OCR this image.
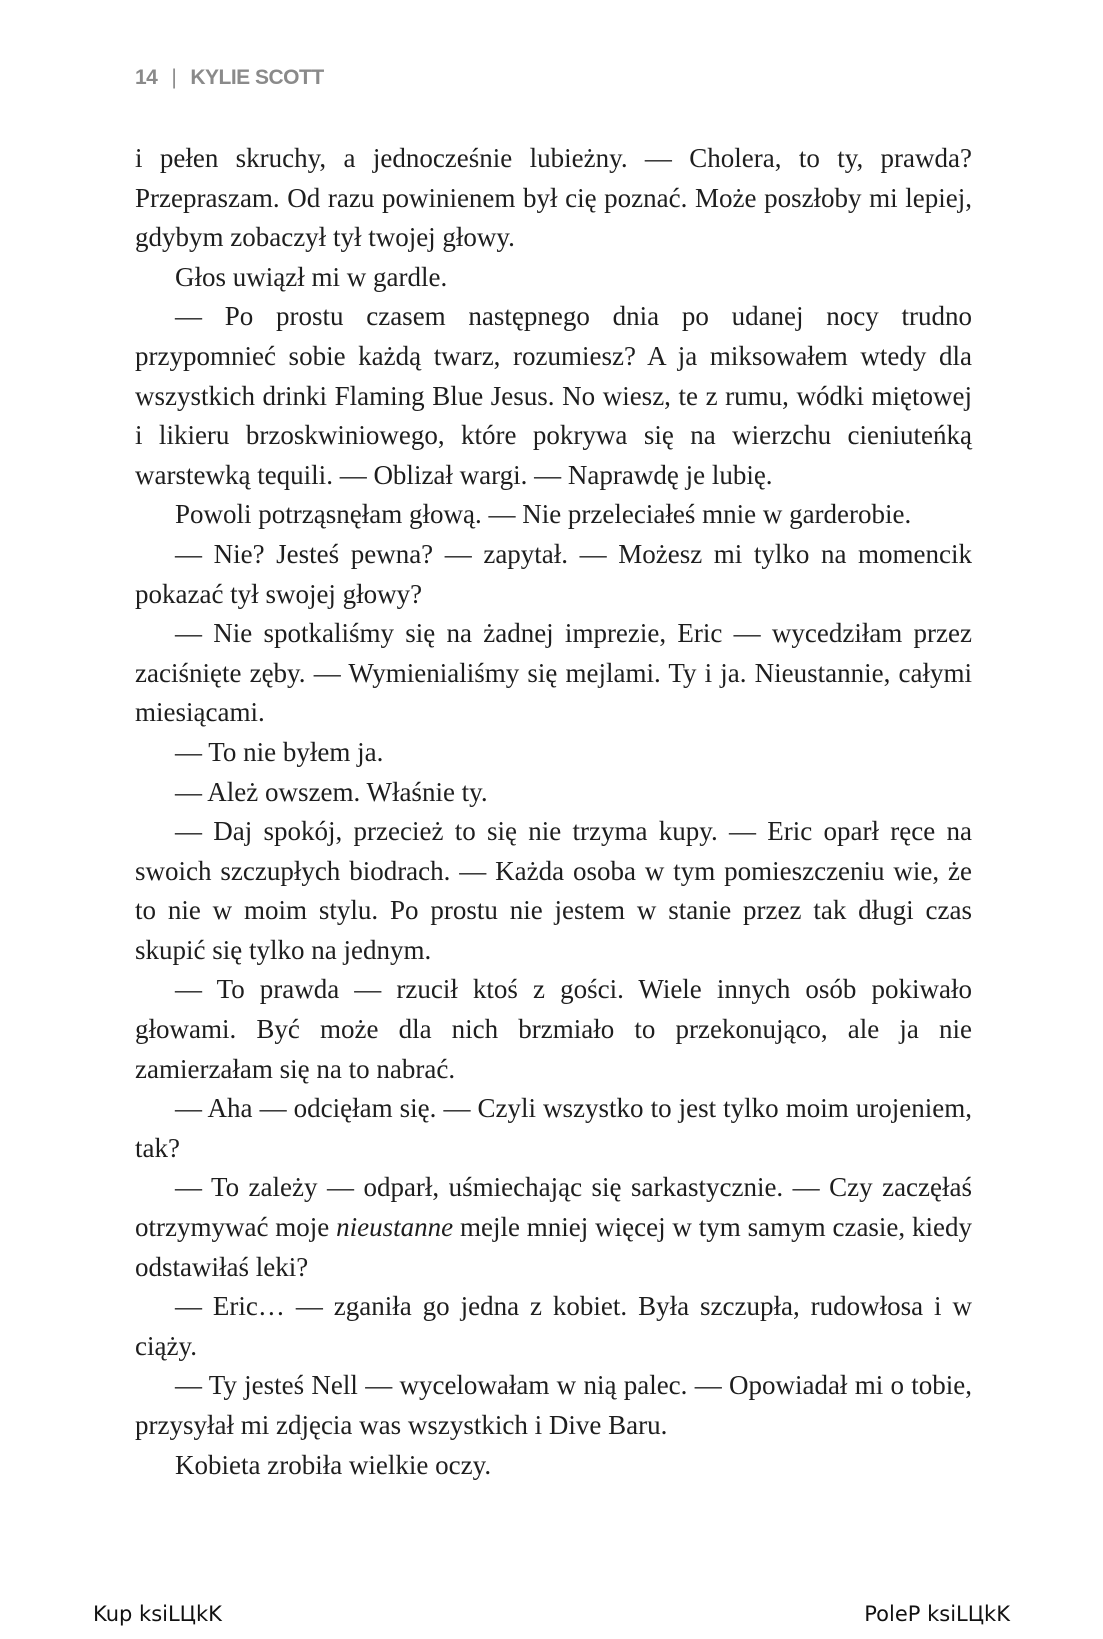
14 | KYLIE SCOTT

i pełen skruchy, a jednocześnie lubieżny. — Cholera, to ty, prawda? Przepraszam. Od razu powinienem był cię poznać. Może poszłoby mi lepiej, gdybym zobaczył tył twojej głowy.

Głos uwiązł mi w gardle.

— Po prostu czasem następnego dnia po udanej nocy trudno przypomnieć sobie każdą twarz, rozumiesz? A ja miksowałem wtedy dla wszystkich drinki Flaming Blue Jesus. No wiesz, te z rumu, wódki miętowej i likieru brzoskwiniowego, które pokrywa się na wierzchu cieniuteńką warstewką tequili. — Oblizał wargi. — Naprawdę je lubię.

Powoli potrząsnęłam głową. — Nie przeleciałeś mnie w garderobie.

— Nie? Jesteś pewna? — zapytał. — Możesz mi tylko na momencik pokazać tył swojej głowy?

— Nie spotkaliśmy się na żadnej imprezie, Eric — wycedziłam przez zaciśnięte zęby. — Wymienialiśmy się mejlami. Ty i ja. Nieustannie, całymi miesiącami.

— To nie byłem ja.

— Ależ owszem. Właśnie ty.

— Daj spokój, przecież to się nie trzyma kupy. — Eric oparł ręce na swoich szczupłych biodrach. — Każda osoba w tym pomieszczeniu wie, że to nie w moim stylu. Po prostu nie jestem w stanie przez tak długi czas skupić się tylko na jednym.

— To prawda — rzucił ktoś z gości. Wiele innych osób pokiwało głowami. Być może dla nich brzmiało to przekonująco, ale ja nie zamierzałam się na to nabrać.

— Aha — odcięłam się. — Czyli wszystko to jest tylko moim urojeniem, tak?

— To zależy — odparł, uśmiechając się sarkastycznie. — Czy zaczęłaś otrzymywać moje nieustanne mejle mniej więcej w tym samym czasie, kiedy odstawiłaś leki?

— Eric… — zganiła go jedna z kobiet. Była szczupła, rudowłosa i w ciąży.

— Ty jesteś Nell — wycelowałam w nią palec. — Opowiadał mi o tobie, przysyłał mi zdjęcia was wszystkich i Dive Baru.

Kobieta zrobiła wielkie oczy.

Kup ksiLЦkK	PoleP ksiLЦkK
